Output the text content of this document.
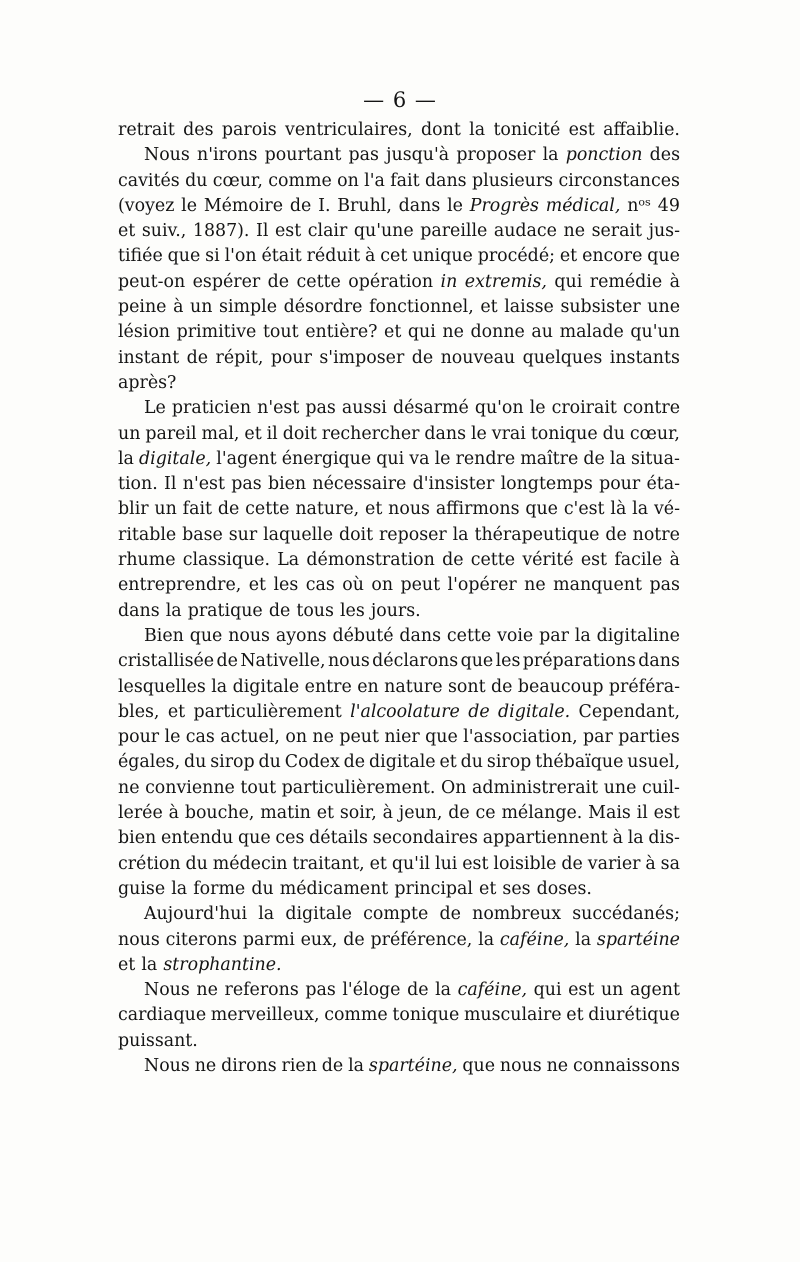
— 6 —
retrait des parois ventriculaires, dont la tonicité est affaiblie.
Nous n'irons pourtant pas jusqu'à proposer la ponction des
cavités du cœur, comme on l'a fait dans plusieurs circonstances
(voyez le Mémoire de I. Bruhl, dans le Progrès médical, nᵒˢ 49
et suiv., 1887). Il est clair qu'une pareille audace ne serait jus-
tifiée que si l'on était réduit à cet unique procédé; et encore que
peut-on espérer de cette opération in extremis, qui remédie à
peine à un simple désordre fonctionnel, et laisse subsister une
lésion primitive tout entière? et qui ne donne au malade qu'un
instant de répit, pour s'imposer de nouveau quelques instants
après?
Le praticien n'est pas aussi désarmé qu'on le croirait contre
un pareil mal, et il doit rechercher dans le vrai tonique du cœur,
la digitale, l'agent énergique qui va le rendre maître de la situa-
tion. Il n'est pas bien nécessaire d'insister longtemps pour éta-
blir un fait de cette nature, et nous affirmons que c'est là la vé-
ritable base sur laquelle doit reposer la thérapeutique de notre
rhume classique. La démonstration de cette vérité est facile à
entreprendre, et les cas où on peut l'opérer ne manquent pas
dans la pratique de tous les jours.
Bien que nous ayons débuté dans cette voie par la digitaline
cristallisée de Nativelle, nous déclarons que les préparations dans
lesquelles la digitale entre en nature sont de beaucoup préféra-
bles, et particulièrement l'alcoolature de digitale. Cependant,
pour le cas actuel, on ne peut nier que l'association, par parties
égales, du sirop du Codex de digitale et du sirop thébaïque usuel,
ne convienne tout particulièrement. On administrerait une cuil-
lerée à bouche, matin et soir, à jeun, de ce mélange. Mais il est
bien entendu que ces détails secondaires appartiennent à la dis-
crétion du médecin traitant, et qu'il lui est loisible de varier à sa
guise la forme du médicament principal et ses doses.
Aujourd'hui la digitale compte de nombreux succédanés;
nous citerons parmi eux, de préférence, la caféine, la spartéine
et la strophantine.
Nous ne referons pas l'éloge de la caféine, qui est un agent
cardiaque merveilleux, comme tonique musculaire et diurétique
puissant.
Nous ne dirons rien de la spartéine, que nous ne connaissons
